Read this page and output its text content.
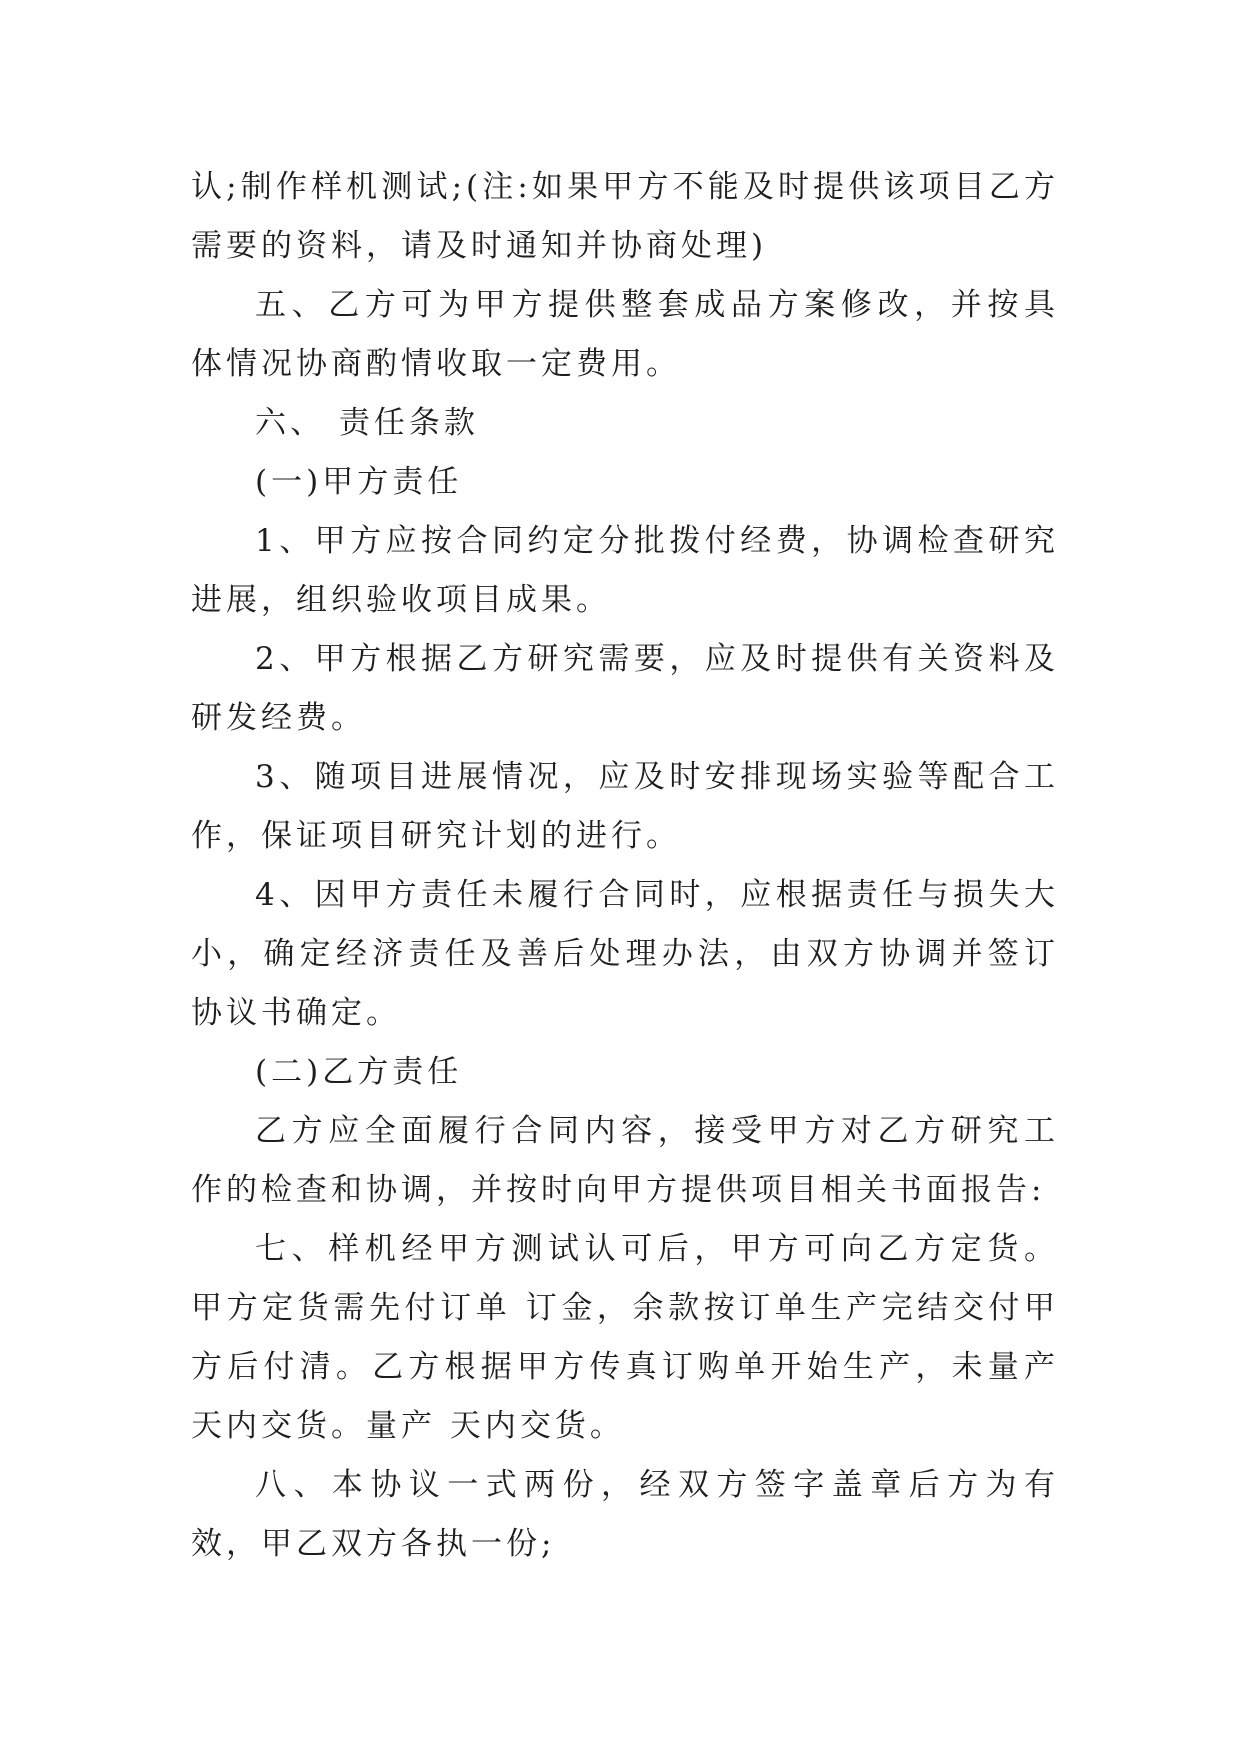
认;制作样机测试;(注:如果甲方不能及时提供该项目乙方需要的资料，请及时通知并协商处理)

五、乙方可为甲方提供整套成品方案修改，并按具体情况协商酌情收取一定费用。

六、 责任条款

(一)甲方责任

1、甲方应按合同约定分批拨付经费，协调检查研究进展，组织验收项目成果。

2、甲方根据乙方研究需要，应及时提供有关资料及研发经费。

3、随项目进展情况，应及时安排现场实验等配合工作，保证项目研究计划的进行。

4、因甲方责任未履行合同时，应根据责任与损失大小，确定经济责任及善后处理办法，由双方协调并签订协议书确定。

(二)乙方责任

乙方应全面履行合同内容，接受甲方对乙方研究工作的检查和协调，并按时向甲方提供项目相关书面报告:

七、样机经甲方测试认可后，甲方可向乙方定货。甲方定货需先付订单 订金，余款按订单生产完结交付甲方后付清。乙方根据甲方传真订购单开始生产，未量产 天内交货。量产 天内交货。

八、本协议一式两份，经双方签字盖章后方为有效，甲乙双方各执一份;
